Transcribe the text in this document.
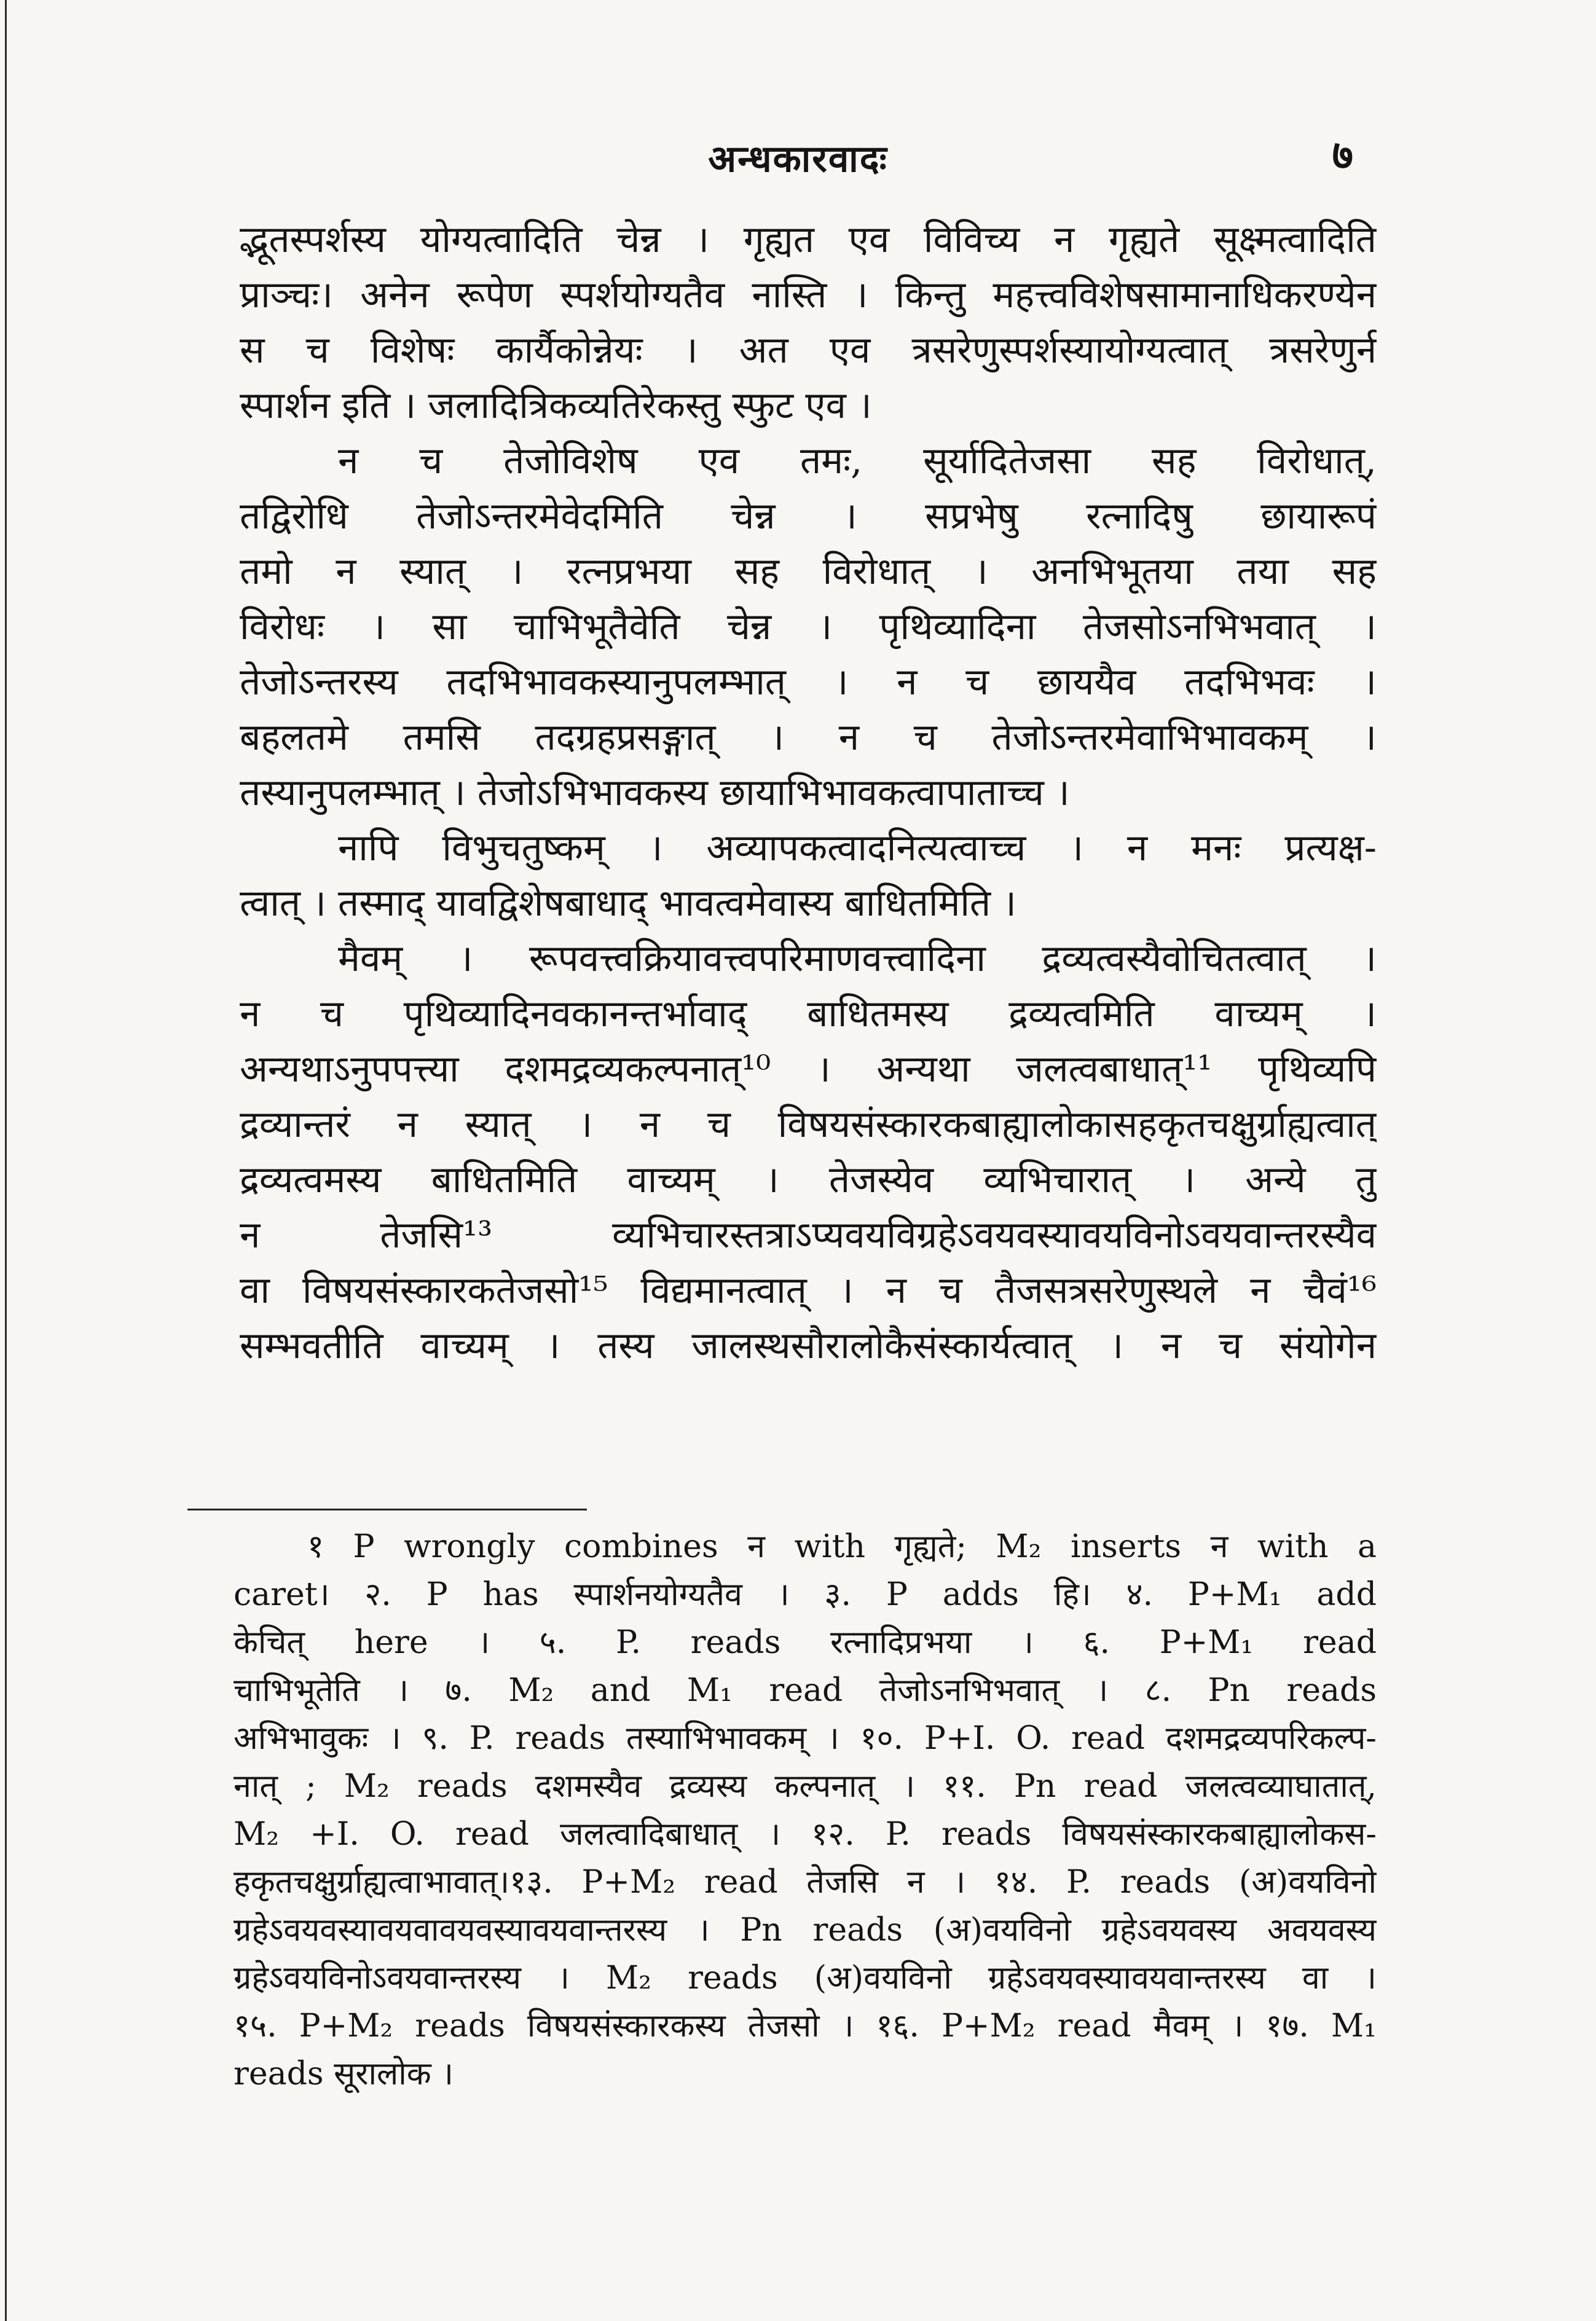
अन्धकारवादः	७
द्भूतस्पर्शस्य योग्यत्वादिति चेन्न । गृह्यत एव विविच्य न गृह्यते सूक्ष्मत्वादिति
प्राञ्चः। अनेन रूपेण स्पर्शयोग्यतैव नास्ति । किन्तु महत्त्वविशेषसामानाधिकरण्येन
स च विशेषः कार्यैकोन्नेयः । अत एव त्रसरेणुस्पर्शस्यायोग्यत्वात् त्रसरेणुर्न
स्पार्शन इति । जलादित्रिकव्यतिरेकस्तु स्फुट एव ।
न च तेजोविशेष एव तमः, सूर्यादितेजसा सह विरोधात्,
तद्विरोधि तेजोऽन्तरमेवेदमिति चेन्न । सप्रभेषु रत्नादिषु छायारूपं
तमो न स्यात् । रत्नप्रभया सह विरोधात् । अनभिभूतया तया सह
विरोधः । सा चाभिभूतैवेति चेन्न । पृथिव्यादिना तेजसोऽनभिभवात् ।
तेजोऽन्तरस्य तदभिभावकस्यानुपलम्भात् । न च छाययैव तदभिभवः ।
बहलतमे तमसि तदग्रहप्रसङ्गात् । न च तेजोऽन्तरमेवाभिभावकम् ।
तस्यानुपलम्भात् । तेजोऽभिभावकस्य छायाभिभावकत्वापाताच्च ।
नापि विभुचतुष्कम् । अव्यापकत्वादनित्यत्वाच्च । न मनः प्रत्यक्ष-
त्वात् । तस्माद् यावद्विशेषबाधाद् भावत्वमेवास्य बाधितमिति ।
मैवम् । रूपवत्त्वक्रियावत्त्वपरिमाणवत्त्वादिना द्रव्यत्वस्यैवोचितत्वात् ।
न च पृथिव्यादिनवकानन्तर्भावाद् बाधितमस्य द्रव्यत्वमिति वाच्यम् ।
अन्यथाऽनुपपत्त्या दशमद्रव्यकल्पनात्¹⁰ । अन्यथा जलत्वबाधात्¹¹ पृथिव्यपि
द्रव्यान्तरं न स्यात् । न च विषयसंस्कारकबाह्यालोकासहकृतचक्षुर्ग्राह्यत्वात्
द्रव्यत्वमस्य बाधितमिति वाच्यम् । तेजस्येव व्यभिचारात् । अन्ये तु
न तेजसि¹³ व्यभिचारस्तत्राऽप्यवयविग्रहेऽवयवस्यावयविनोऽवयवान्तरस्यैव
वा विषयसंस्कारकतेजसो¹⁵ विद्यमानत्वात् । न च तैजसत्रसरेणुस्थले न चैवं¹⁶
सम्भवतीति वाच्यम् । तस्य जालस्थसौरालोकैसंस्कार्यत्वात् । न च संयोगेन
१ P wrongly combines न with गृह्यते; M₂ inserts न with a
caret। २. P has स्पार्शनयोग्यतैव । ३. P adds हि। ४. P+M₁ add
केचित् here । ५. P. reads रत्नादिप्रभया । ६. P+M₁ read
चाभिभूतेति । ७. M₂ and M₁ read तेजोऽनभिभवात् । ८. Pn reads
अभिभावुकः । ९. P. reads तस्याभिभावकम् । १०. P+I. O. read दशमद्रव्यपरिकल्प-
नात् ; M₂ reads दशमस्यैव द्रव्यस्य कल्पनात् । ११. Pn read जलत्वव्याघातात्,
M₂ +I. O. read जलत्वादिबाधात् । १२. P. reads विषयसंस्कारकबाह्यालोकस-
हकृतचक्षुर्ग्राह्यत्वाभावात्।१३. P+M₂ read तेजसि न । १४. P. reads (अ)वयविनो
ग्रहेऽवयवस्यावयवावयवस्यावयवान्तरस्य । Pn reads (अ)वयविनो ग्रहेऽवयवस्य अवयवस्य
ग्रहेऽवयविनोऽवयवान्तरस्य । M₂ reads (अ)वयविनो ग्रहेऽवयवस्यावयवान्तरस्य वा ।
१५. P+M₂ reads विषयसंस्कारकस्य तेजसो । १६. P+M₂ read मैवम् । १७. M₁
reads सूरालोक ।
